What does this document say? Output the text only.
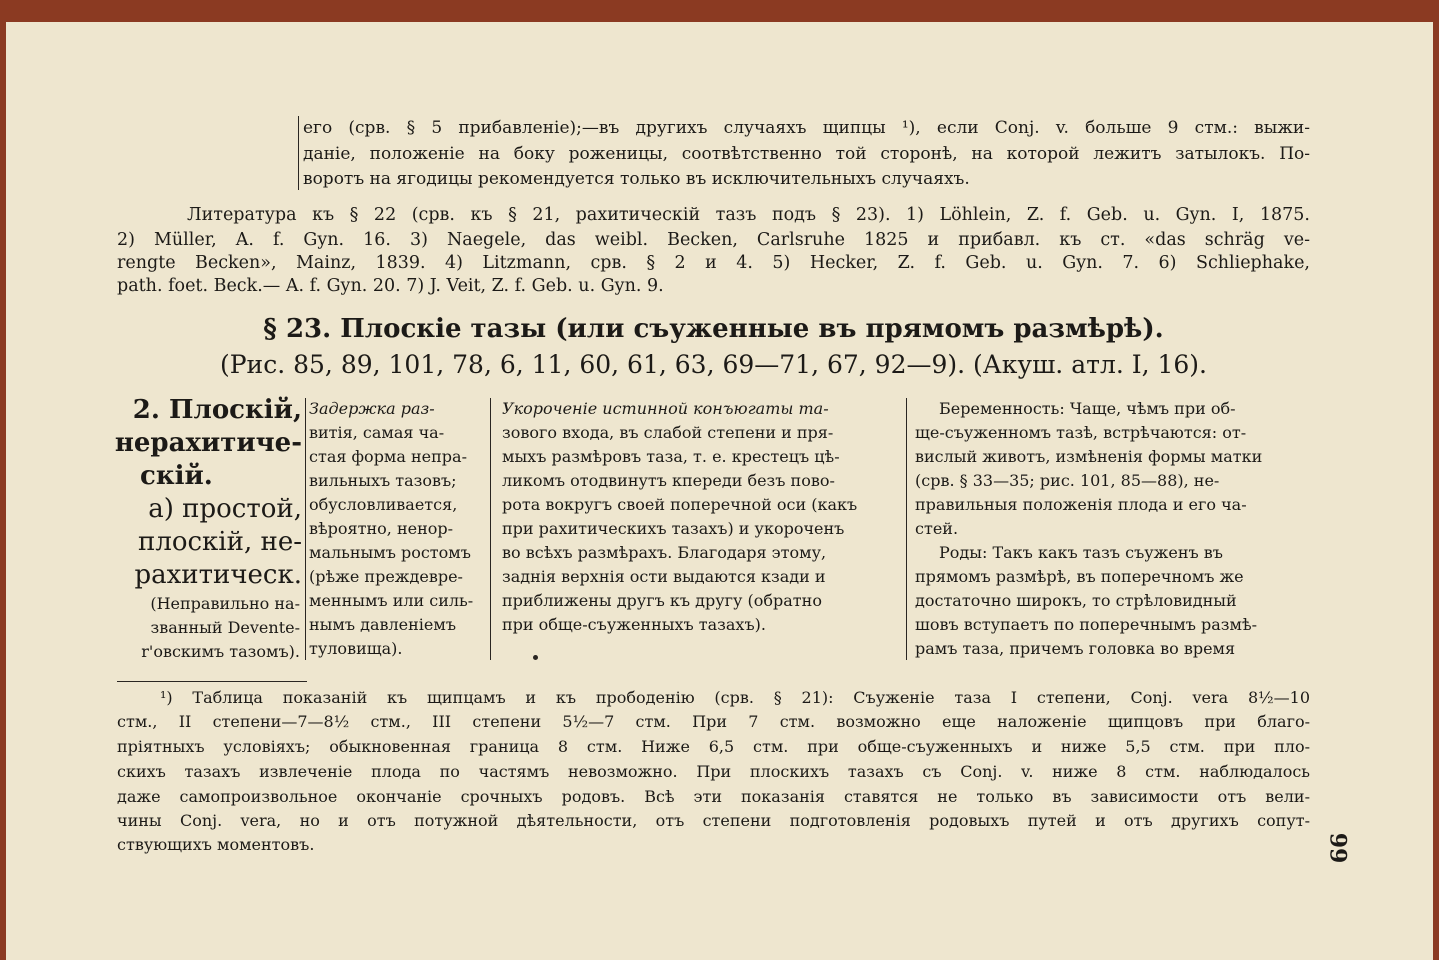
его (срв. § 5 прибавленіе);—въ другихъ случаяхъ щипцы ¹), если Conj. v. больше 9 стм.: выжи-
даніе, положеніе на боку роженицы, соотвѣтственно той сторонѣ, на которой лежитъ затылокъ. По-
воротъ на ягодицы рекомендуется только въ исключительныхъ случаяхъ.
Литература къ § 22 (срв. къ § 21, рахитическій тазъ подъ § 23). 1) Löhlein, Z. f. Geb. u. Gyn. I, 1875.
2) Müller, A. f. Gyn. 16. 3) Naegele, das weibl. Becken, Carlsruhe 1825 и прибавл. къ ст. «das schräg ve-
rengte Becken», Mainz, 1839. 4) Litzmann, срв. § 2 и 4. 5) Hecker, Z. f. Geb. u. Gyn. 7. 6) Schliephake,
path. foet. Beck.— A. f. Gyn. 20. 7) J. Veit, Z. f. Geb. u. Gyn. 9.
§ 23. Плоскіе тазы (или съуженные въ прямомъ размѣрѣ).
(Рис. 85, 89, 101, 78, 6, 11, 60, 61, 63, 69—71, 67, 92—9). (Акуш. атл. I, 16).
2. Плоскій,
нерахитиче-
скій.
a) простой,
плоскій, не-
рахитическ.
(Неправильно на-
званный Devente-
r'овскимъ тазомъ).
Задержка раз-
витія, самая ча-
стая форма непра-
вильныхъ тазовъ;
обусловливается,
вѣроятно, ненор-
мальнымъ ростомъ
(рѣже преждевре-
меннымъ или силь-
нымъ давленіемъ
туловища).
Укороченіе истинной конъюгаты та-
зового входа, въ слабой степени и пря-
мыхъ размѣровъ таза, т. е. крестецъ цѣ-
ликомъ отодвинутъ кпереди безъ пово-
рота вокругъ своей поперечной оси (какъ
при рахитическихъ тазахъ) и укороченъ
во всѣхъ размѣрахъ. Благодаря этому,
заднія верхнія ости выдаются кзади и
приближены другъ къ другу (обратно
при обще-съуженныхъ тазахъ).
Беременность: Чаще, чѣмъ при об-
ще-съуженномъ тазѣ, встрѣчаются: от-
вислый животъ, измѣненія формы матки
(срв. § 33—35; рис. 101, 85—88), не-
правильныя положенія плода и его ча-
стей.
Роды: Такъ какъ тазъ съуженъ въ
прямомъ размѣрѣ, въ поперечномъ же
достаточно широкъ, то стрѣловидный
шовъ вступаетъ по поперечнымъ размѣ-
рамъ таза, причемъ головка во время
¹) Таблица показаній къ щипцамъ и къ прободенію (срв. § 21): Съуженіе таза I степени, Conj. vera 8½—10
стм., II степени—7—8½ стм., III степени 5½—7 стм. При 7 стм. возможно еще наложеніе щипцовъ при благо-
пріятныхъ условіяхъ; обыкновенная граница 8 стм. Ниже 6,5 стм. при обще-съуженныхъ и ниже 5,5 стм. при пло-
скихъ тазахъ извлеченіе плода по частямъ невозможно. При плоскихъ тазахъ съ Conj. v. ниже 8 стм. наблюдалось
даже самопроизвольное окончаніе срочныхъ родовъ. Всѣ эти показанія ставятся не только въ зависимости отъ вели-
чины Conj. vera, но и отъ потужной дѣятельности, отъ степени подготовленія родовыхъ путей и отъ другихъ сопут-
ствующихъ моментовъ.	99
